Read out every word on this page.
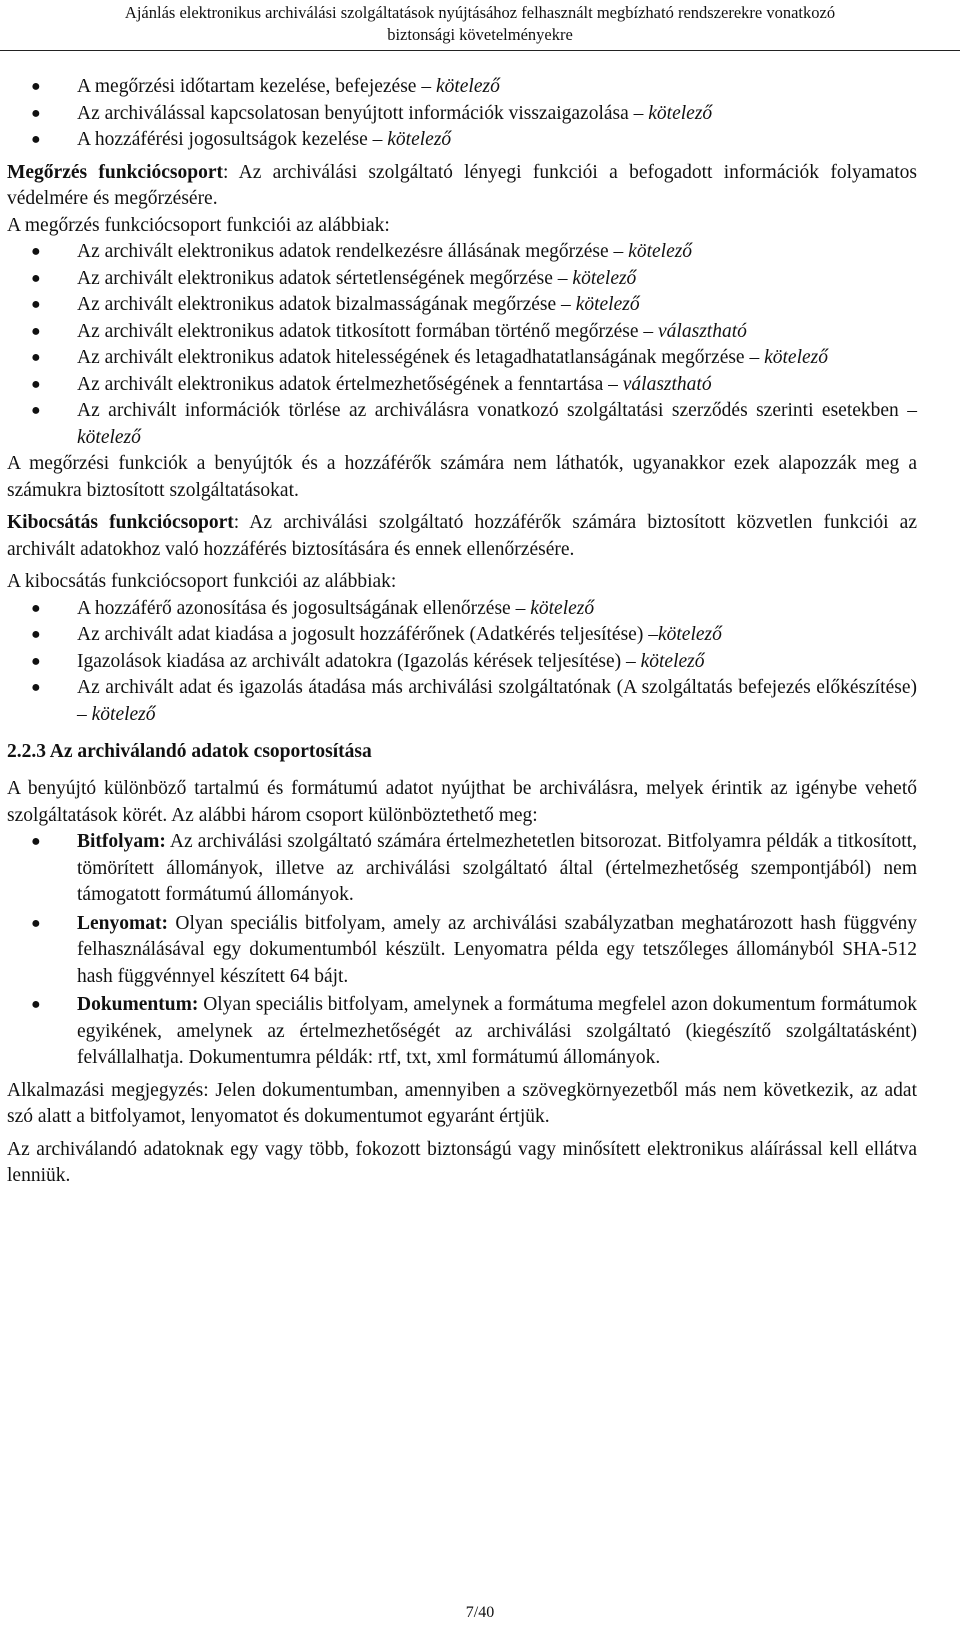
Ajánlás elektronikus archiválási szolgáltatások nyújtásához felhasznált megbízható rendszerekre vonatkozó
biztonsági követelményekre
● A megőrzési időtartam kezelése, befejezése – kötelező
● Az archiválással kapcsolatosan benyújtott információk visszaigazolása – kötelező
● A hozzáférési jogosultságok kezelése – kötelező

Megőrzés funkciócsoport: Az archiválási szolgáltató lényegi funkciói a befogadott információk folyamatos védelmére és megőrzésére.

A megőrzés funkciócsoport funkciói az alábbiak:

● Az archivált elektronikus adatok rendelkezésre állásának megőrzése – kötelező
● Az archivált elektronikus adatok sértetlenségének megőrzése – kötelező
● Az archivált elektronikus adatok bizalmasságának megőrzése – kötelező
● Az archivált elektronikus adatok titkosított formában történő megőrzése – választható
● Az archivált elektronikus adatok hitelességének és letagadhatatlanságának megőrzése – kötelező
● Az archivált elektronikus adatok értelmezhetőségének a fenntartása – választható
● Az archivált információk törlése az archiválásra vonatkozó szolgáltatási szerződés szerinti esetekben – kötelező

A megőrzési funkciók a benyújtók és a hozzáférők számára nem láthatók, ugyanakkor ezek alapozzák meg a számukra biztosított szolgáltatásokat.

Kibocsátás funkciócsoport: Az archiválási szolgáltató hozzáférők számára biztosított közvetlen funkciói az archivált adatokhoz való hozzáférés biztosítására és ennek ellenőrzésére.

A kibocsátás funkciócsoport funkciói az alábbiak:

● A hozzáférő azonosítása és jogosultságának ellenőrzése – kötelező
● Az archivált adat kiadása a jogosult hozzáférőnek (Adatkérés teljesítése) –kötelező
● Igazolások kiadása az archivált adatokra (Igazolás kérések teljesítése) – kötelező
● Az archivált adat és igazolás átadása más archiválási szolgáltatónak (A szolgáltatás befejezés előkészítése) – kötelező
2.2.3 Az archiválandó adatok csoportosítása

A benyújtó különböző tartalmú és formátumú adatot nyújthat be archiválásra, melyek érintik az igénybe vehető szolgáltatások körét. Az alábbi három csoport különböztethető meg:

● Bitfolyam: Az archiválási szolgáltató számára értelmezhetetlen bitsorozat. Bitfolyamra példák a titkosított, tömörített állományok, illetve az archiválási szolgáltató által (értelmezhetőség szempontjából) nem támogatott formátumú állományok.
● Lenyomat: Olyan speciális bitfolyam, amely az archiválási szabályzatban meghatározott hash függvény felhasználásával egy dokumentumból készült. Lenyomatra példa egy tetszőleges állományból SHA-512 hash függvénnyel készített 64 bájt.
● Dokumentum: Olyan speciális bitfolyam, amelynek a formátuma megfelel azon dokumentum formátumok egyikének, amelynek az értelmezhetőségét az archiválási szolgáltató (kiegészítő szolgáltatásként) felvállalhatja. Dokumentumra példák: rtf, txt, xml formátumú állományok.

Alkalmazási megjegyzés: Jelen dokumentumban, amennyiben a szövegkörnyezetből más nem következik, az adat szó alatt a bitfolyamot, lenyomatot és dokumentumot egyaránt értjük.

Az archiválandó adatoknak egy vagy több, fokozott biztonságú vagy minősített elektronikus aláírással kell ellátva lenniük.

7/40
